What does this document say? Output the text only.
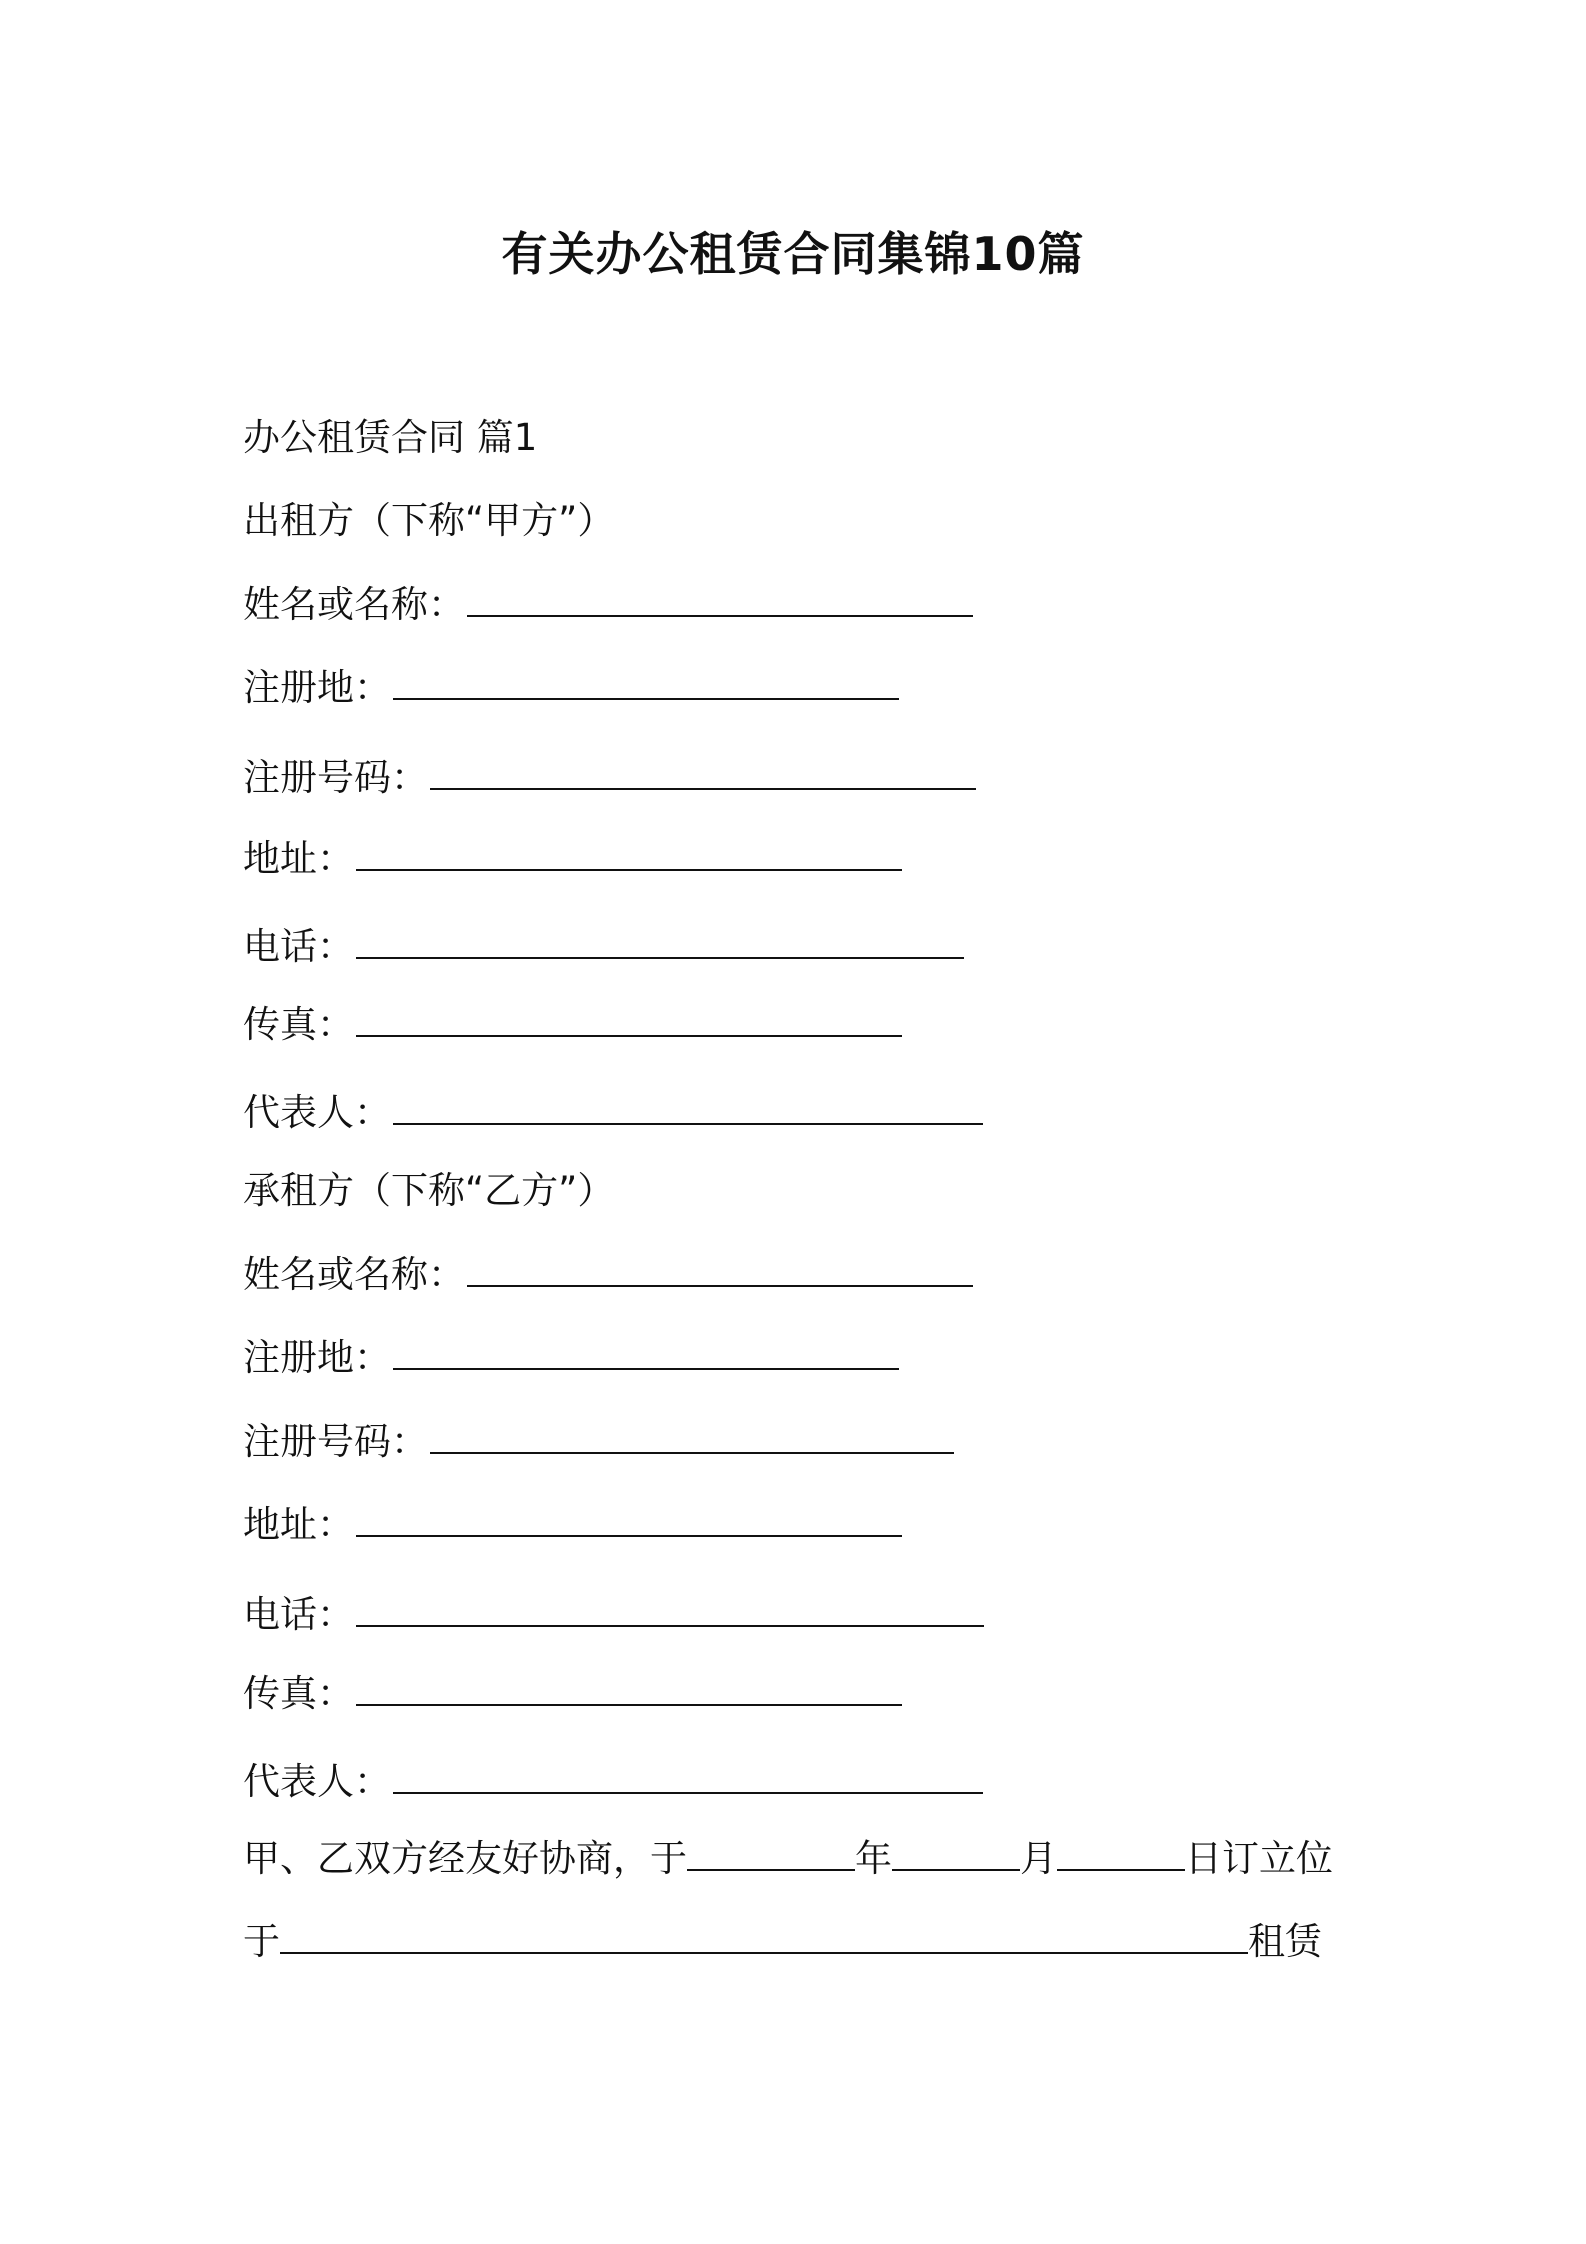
有关办公租赁合同集锦10篇
办公租赁合同 篇1
出租方（下称“甲方”）
姓名或名称：
注册地：
注册号码：
地址：
电话：
传真：
代表人：
承租方（下称“乙方”）
姓名或名称：
注册地：
注册号码：
地址：
电话：
传真：
代表人：
甲、乙双方经友好协商，于	年	月	日订立位
于	租赁
